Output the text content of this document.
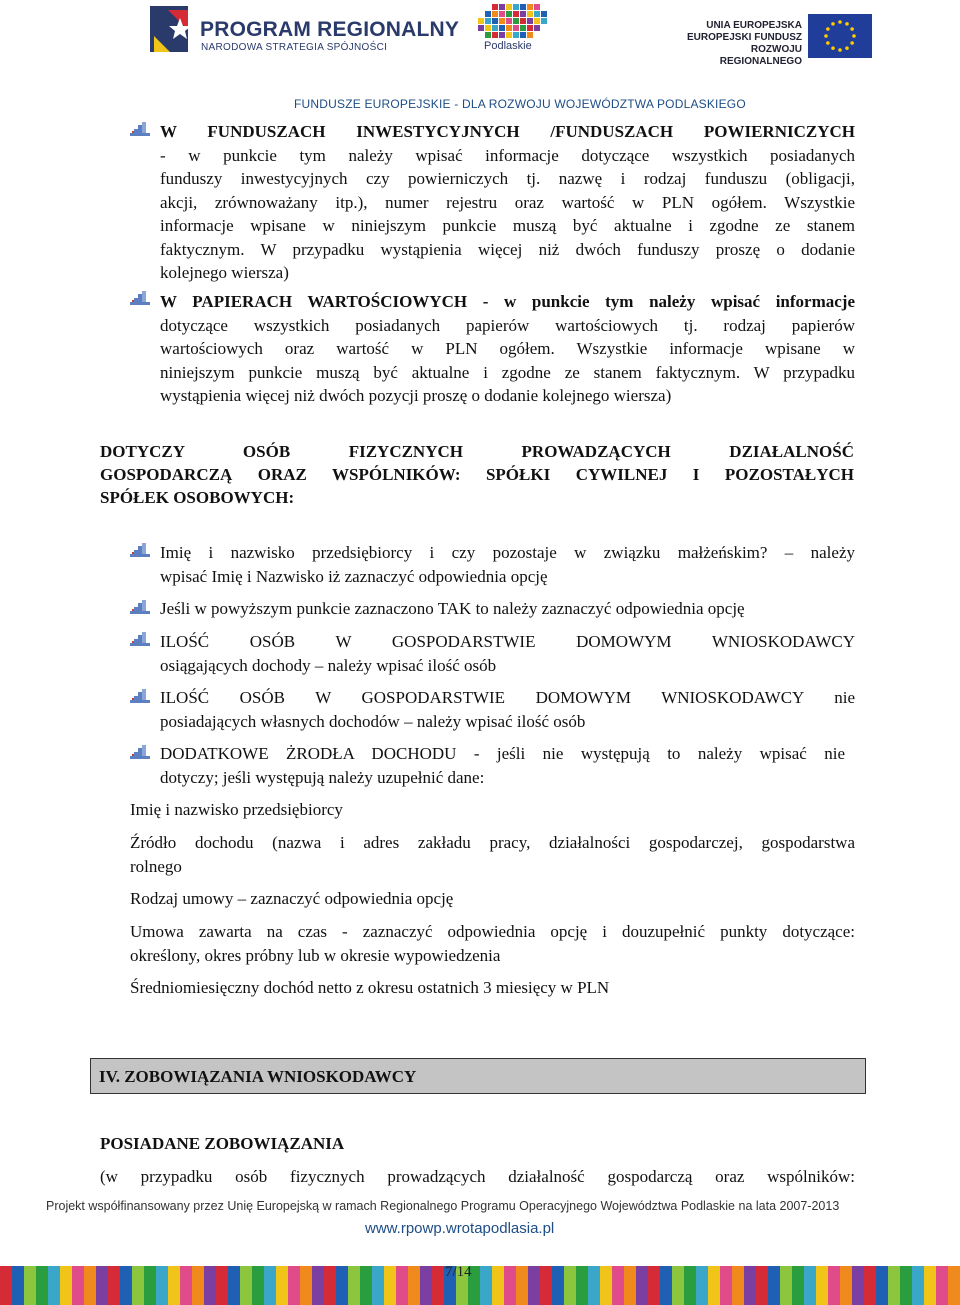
PROGRAM REGIONALNY
NARODOWA STRATEGIA SPÓJNOŚCI	Podlaskie
UNIA EUROPEJSKA
EUROPEJSKI FUNDUSZ
ROZWOJU REGIONALNEGO
FUNDUSZE EUROPEJSKIE - DLA ROZWOJU WOJEWÓDZTWA PODLASKIEGO
W FUNDUSZACH INWESTYCYJNYCH /FUNDUSZACH POWIERNICZYCH
- w punkcie tym należy wpisać informacje dotyczące wszystkich posiadanych
funduszy inwestycyjnych czy powierniczych tj. nazwę i rodzaj funduszu (obligacji,
akcji, zrównoważany itp.), numer rejestru oraz wartość w PLN ogółem. Wszystkie
informacje wpisane w niniejszym punkcie muszą być aktualne i zgodne ze stanem
faktycznym. W przypadku wystąpienia więcej niż dwóch funduszy proszę o dodanie
kolejnego wiersza)
W PAPIERACH WARTOŚCIOWYCH - w punkcie tym należy wpisać informacje
dotyczące wszystkich posiadanych papierów wartościowych tj. rodzaj papierów
wartościowych oraz wartość w PLN ogółem. Wszystkie informacje wpisane w
niniejszym punkcie muszą być aktualne i zgodne ze stanem faktycznym. W przypadku
wystąpienia więcej niż dwóch pozycji proszę o dodanie kolejnego wiersza)
DOTYCZY OSÓB FIZYCZNYCH PROWADZĄCYCH DZIAŁALNOŚĆ
GOSPODARCZĄ ORAZ WSPÓLNIKÓW: SPÓŁKI CYWILNEJ I POZOSTAŁYCH
SPÓŁEK OSOBOWYCH:
Imię i nazwisko przedsiębiorcy i czy pozostaje w związku małżeńskim? – należy
wpisać Imię i Nazwisko iż zaznaczyć odpowiednia opcję
Jeśli w powyższym punkcie zaznaczono TAK to należy zaznaczyć odpowiednia opcję
ILOŚĆ OSÓB W GOSPODARSTWIE DOMOWYM WNIOSKODAWCY
osiągających dochody – należy wpisać ilość osób
ILOŚĆ OSÓB W GOSPODARSTWIE DOMOWYM WNIOSKODAWCY nie
posiadających własnych dochodów – należy wpisać ilość osób
DODATKOWE ŻRODŁA DOCHODU - jeśli nie występują to należy wpisać nie
dotyczy; jeśli występują należy uzupełnić dane:
Imię i nazwisko przedsiębiorcy
Źródło dochodu (nazwa i adres zakładu pracy, działalności gospodarczej, gospodarstwa
rolnego
Rodzaj umowy – zaznaczyć odpowiednia opcję
Umowa zawarta na czas - zaznaczyć odpowiednia opcję i douzupełnić punkty dotyczące:
określony, okres próbny lub w okresie wypowiedzenia
Średniomiesięczny dochód netto z okresu ostatnich 3 miesięcy w PLN
IV. ZOBOWIĄZANIA WNIOSKODAWCY
POSIADANE ZOBOWIĄZANIA
(w przypadku osób fizycznych prowadzących działalność gospodarczą oraz wspólników:
Projekt współfinansowany przez Unię Europejską w ramach Regionalnego Programu Operacyjnego Województwa Podlaskie na lata 2007-2013
www.rpowp.wrotapodlasia.pl
7/14
